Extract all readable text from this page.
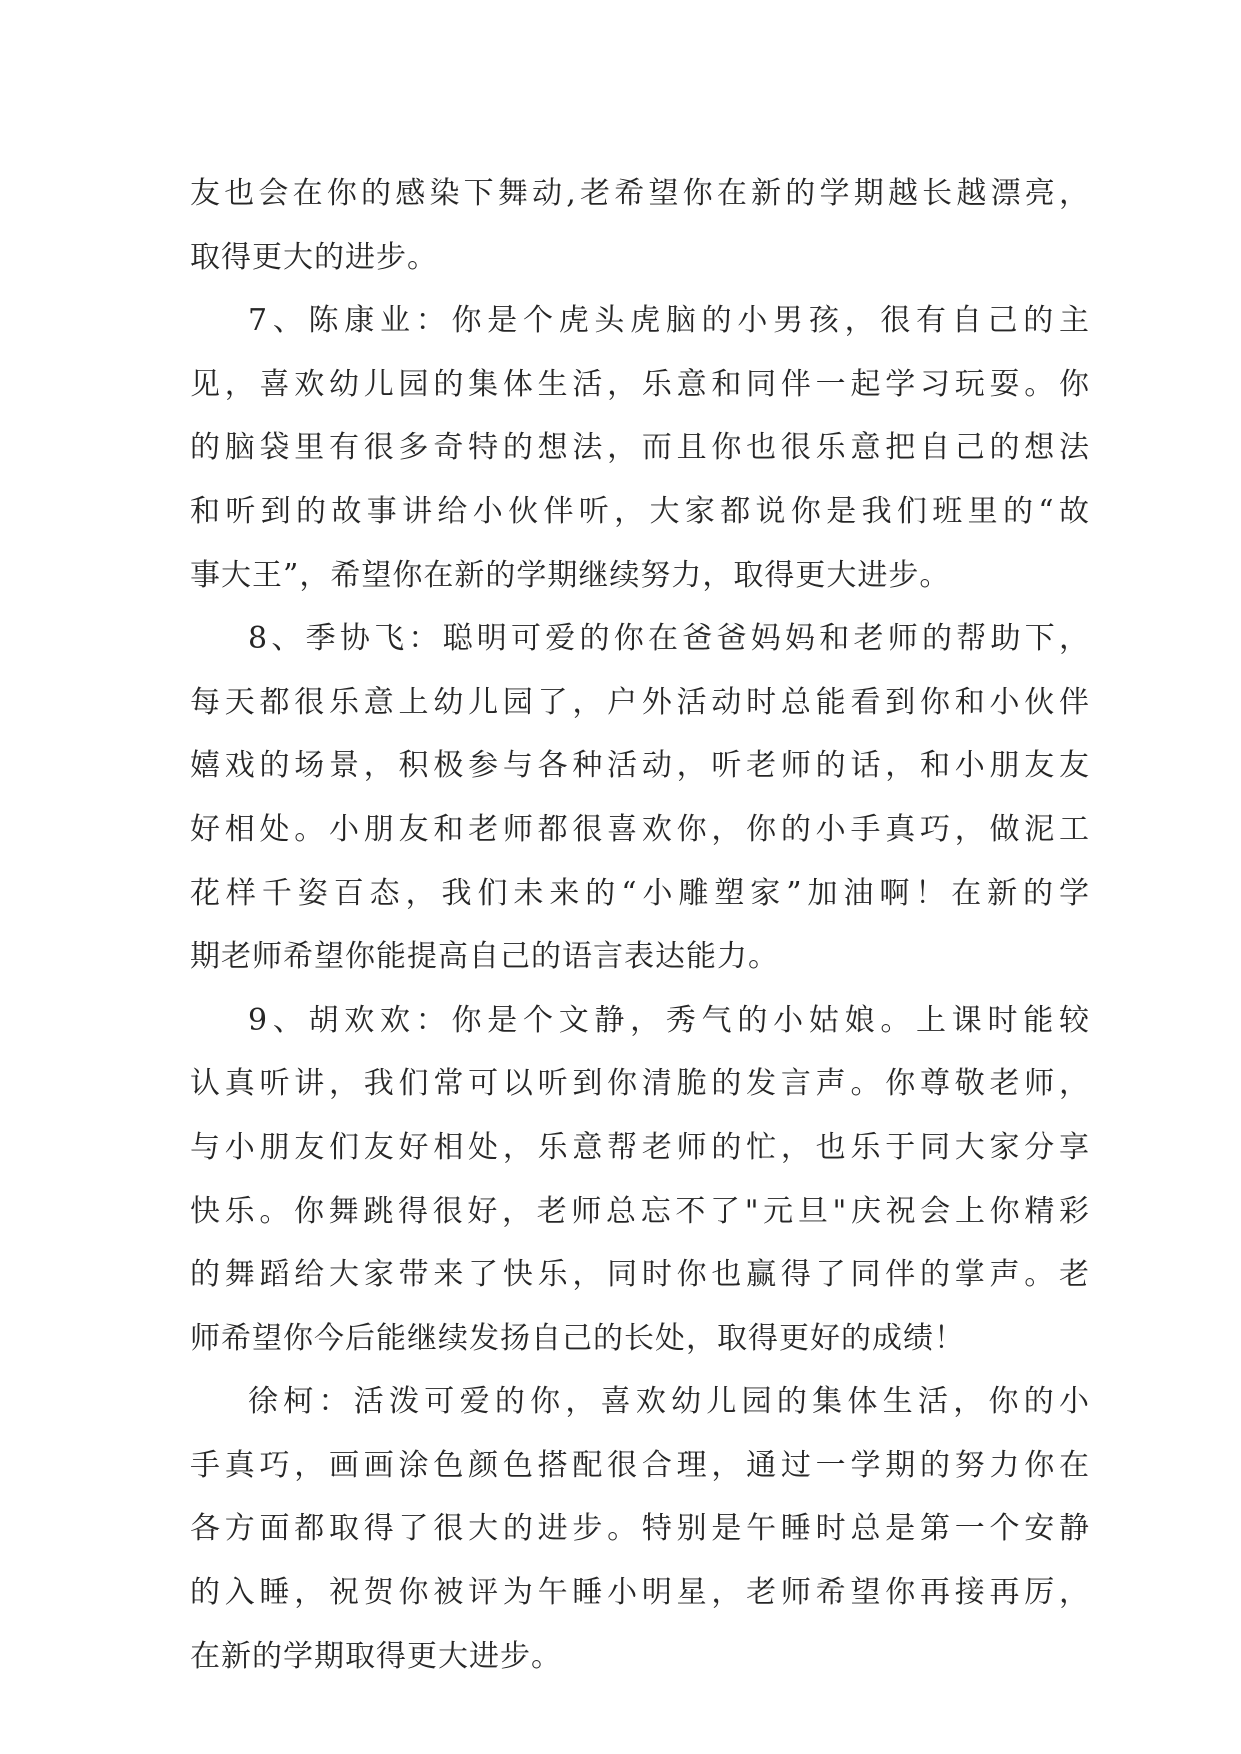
友也会在你的感染下舞动,老希望你在新的学期越长越漂亮，
取得更大的进步。
7、陈康业：你是个虎头虎脑的小男孩，很有自己的主
见，喜欢幼儿园的集体生活，乐意和同伴一起学习玩耍。你
的脑袋里有很多奇特的想法，而且你也很乐意把自己的想法
和听到的故事讲给小伙伴听，大家都说你是我们班里的“故
事大王”，希望你在新的学期继续努力，取得更大进步。
8、季协飞：聪明可爱的你在爸爸妈妈和老师的帮助下，
每天都很乐意上幼儿园了，户外活动时总能看到你和小伙伴
嬉戏的场景，积极参与各种活动，听老师的话，和小朋友友
好相处。小朋友和老师都很喜欢你，你的小手真巧，做泥工
花样千姿百态，我们未来的“小雕塑家”加油啊！在新的学
期老师希望你能提高自己的语言表达能力。
9、胡欢欢：你是个文静，秀气的小姑娘。上课时能较
认真听讲，我们常可以听到你清脆的发言声。你尊敬老师，
与小朋友们友好相处，乐意帮老师的忙，也乐于同大家分享
快乐。你舞跳得很好，老师总忘不了"元旦"庆祝会上你精彩
的舞蹈给大家带来了快乐，同时你也赢得了同伴的掌声。老
师希望你今后能继续发扬自己的长处，取得更好的成绩！
徐柯：活泼可爱的你，喜欢幼儿园的集体生活，你的小
手真巧，画画涂色颜色搭配很合理，通过一学期的努力你在
各方面都取得了很大的进步。特别是午睡时总是第一个安静
的入睡，祝贺你被评为午睡小明星，老师希望你再接再厉，
在新的学期取得更大进步。
